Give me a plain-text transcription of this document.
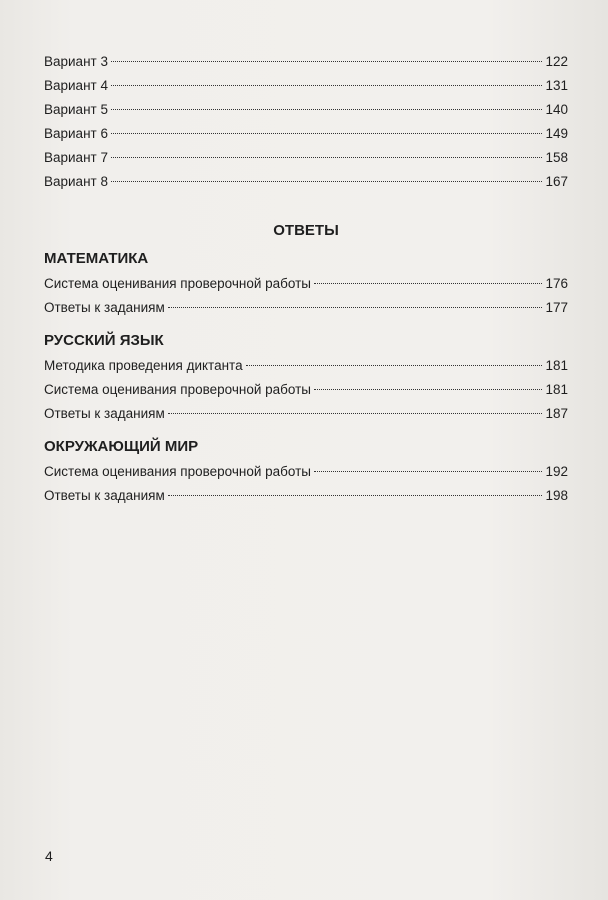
Вариант 3	122
Вариант 4	131
Вариант 5	140
Вариант 6	149
Вариант 7	158
Вариант 8	167
ОТВЕТЫ
МАТЕМАТИКА
Система оценивания проверочной работы	176
Ответы к заданиям	177
РУССКИЙ ЯЗЫК
Методика проведения диктанта	181
Система оценивания проверочной работы	181
Ответы к заданиям	187
ОКРУЖАЮЩИЙ МИР
Система оценивания проверочной работы	192
Ответы к заданиям	198
4
